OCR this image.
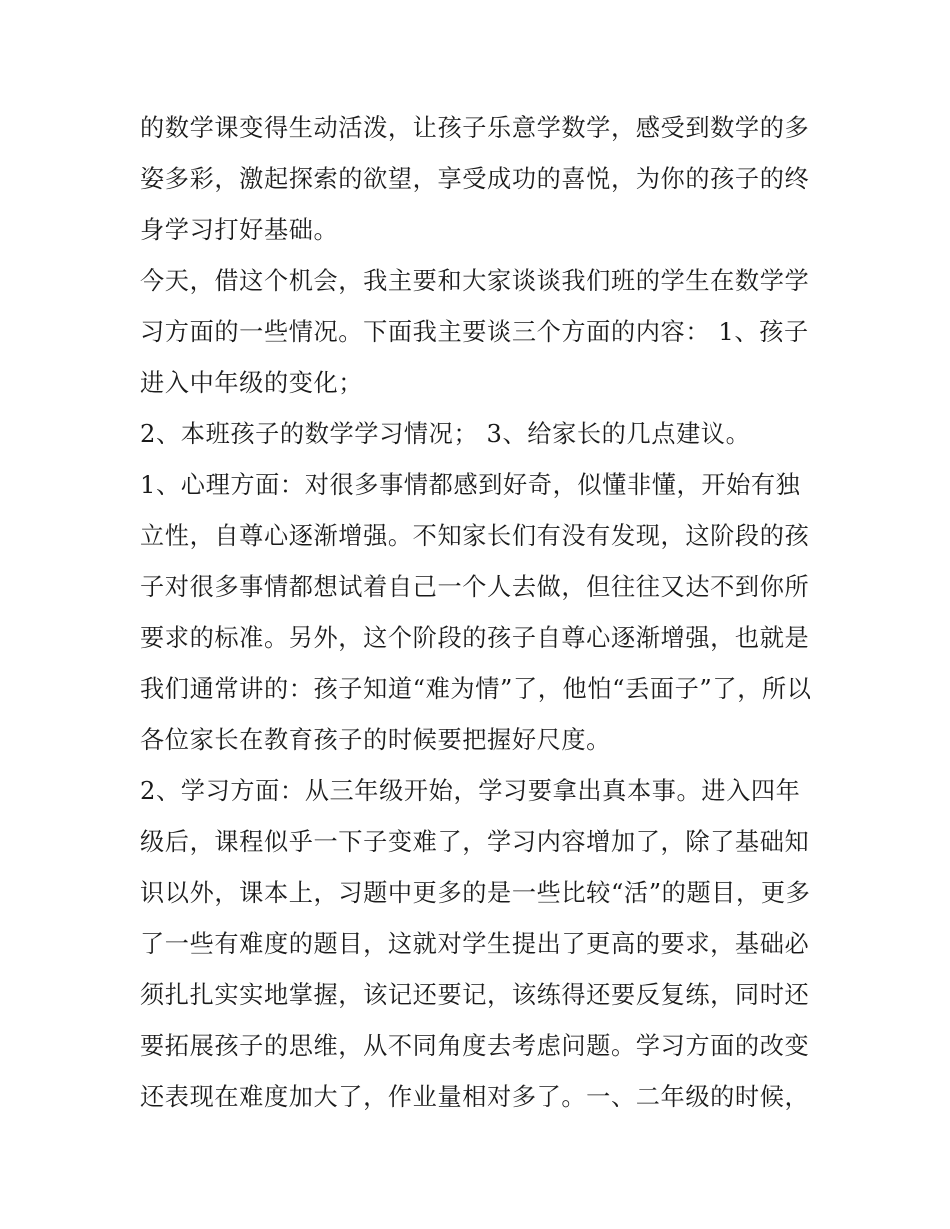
的数学课变得生动活泼，让孩子乐意学数学，感受到数学的多
姿多彩，激起探索的欲望，享受成功的喜悦，为你的孩子的终
身学习打好基础。
今天，借这个机会，我主要和大家谈谈我们班的学生在数学学
习方面的一些情况。下面我主要谈三个方面的内容： 1、孩子
进入中年级的变化；
2、本班孩子的数学学习情况； 3、给家长的几点建议。
1、心理方面：对很多事情都感到好奇，似懂非懂，开始有独
立性，自尊心逐渐增强。不知家长们有没有发现，这阶段的孩
子对很多事情都想试着自己一个人去做，但往往又达不到你所
要求的标准。另外，这个阶段的孩子自尊心逐渐增强，也就是
我们通常讲的：孩子知道“难为情”了，他怕“丢面子”了，所以
各位家长在教育孩子的时候要把握好尺度。
2、学习方面：从三年级开始，学习要拿出真本事。进入四年
级后，课程似乎一下子变难了，学习内容增加了，除了基础知
识以外，课本上，习题中更多的是一些比较“活”的题目，更多
了一些有难度的题目，这就对学生提出了更高的要求，基础必
须扎扎实实地掌握，该记还要记，该练得还要反复练，同时还
要拓展孩子的思维，从不同角度去考虑问题。学习方面的改变
还表现在难度加大了，作业量相对多了。一、二年级的时候，
